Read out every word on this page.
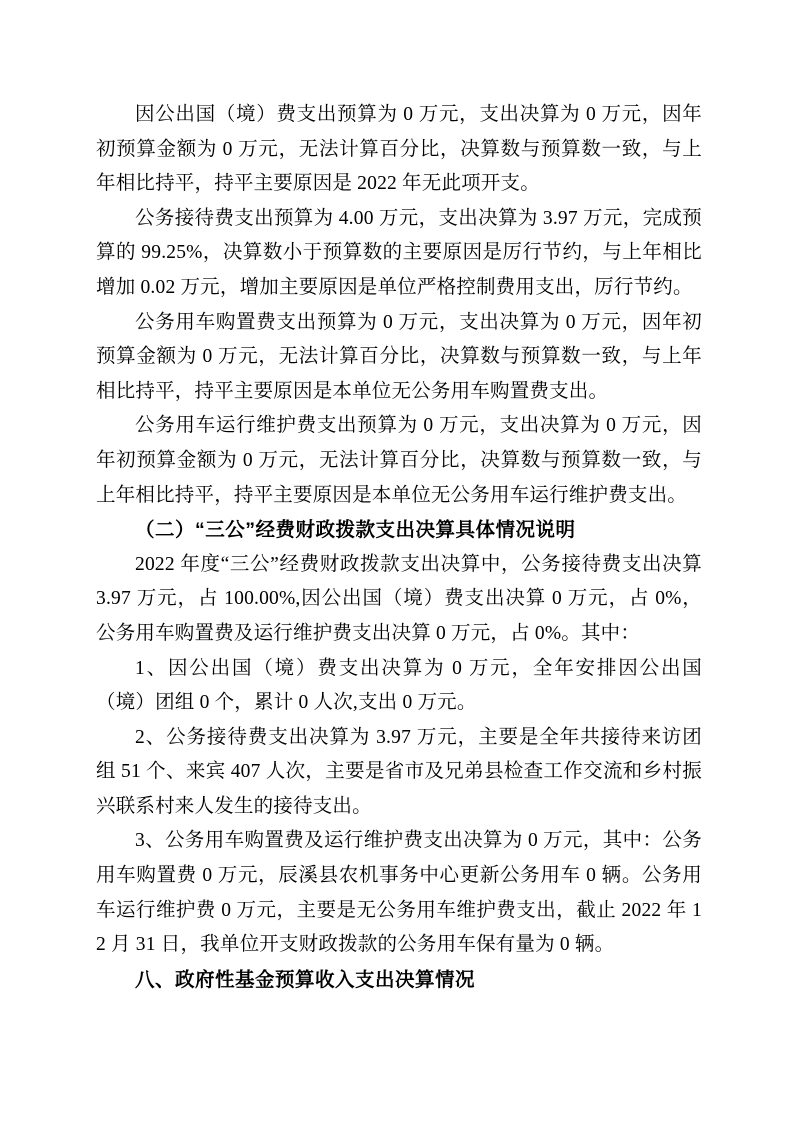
因公出国（境）费支出预算为 0 万元，支出决算为 0 万元，因年初预算金额为 0 万元，无法计算百分比，决算数与预算数一致，与上年相比持平，持平主要原因是 2022 年无此项开支。

公务接待费支出预算为 4.00 万元，支出决算为 3.97 万元，完成预算的 99.25%，决算数小于预算数的主要原因是厉行节约，与上年相比增加 0.02 万元，增加主要原因是单位严格控制费用支出，厉行节约。

公务用车购置费支出预算为 0 万元，支出决算为 0 万元，因年初预算金额为 0 万元，无法计算百分比，决算数与预算数一致，与上年相比持平，持平主要原因是本单位无公务用车购置费支出。

公务用车运行维护费支出预算为 0 万元，支出决算为 0 万元，因年初预算金额为 0 万元，无法计算百分比，决算数与预算数一致，与上年相比持平，持平主要原因是本单位无公务用车运行维护费支出。

（二）“三公”经费财政拨款支出决算具体情况说明

2022 年度“三公”经费财政拨款支出决算中，公务接待费支出决算 3.97 万元，占 100.00%,因公出国（境）费支出决算 0 万元，占 0%，公务用车购置费及运行维护费支出决算 0 万元，占 0%。其中：

1、因公出国（境）费支出决算为 0 万元，全年安排因公出国（境）团组 0 个，累计 0 人次,支出 0 万元。

2、公务接待费支出决算为 3.97 万元，主要是全年共接待来访团组 51 个、来宾 407 人次，主要是省市及兄弟县检查工作交流和乡村振兴联系村来人发生的接待支出。

3、公务用车购置费及运行维护费支出决算为 0 万元，其中：公务用车购置费 0 万元，辰溪县农机事务中心更新公务用车 0 辆。公务用车运行维护费 0 万元，主要是无公务用车维护费支出，截止 2022 年 12 月 31 日，我单位开支财政拨款的公务用车保有量为 0 辆。

八、政府性基金预算收入支出决算情况
